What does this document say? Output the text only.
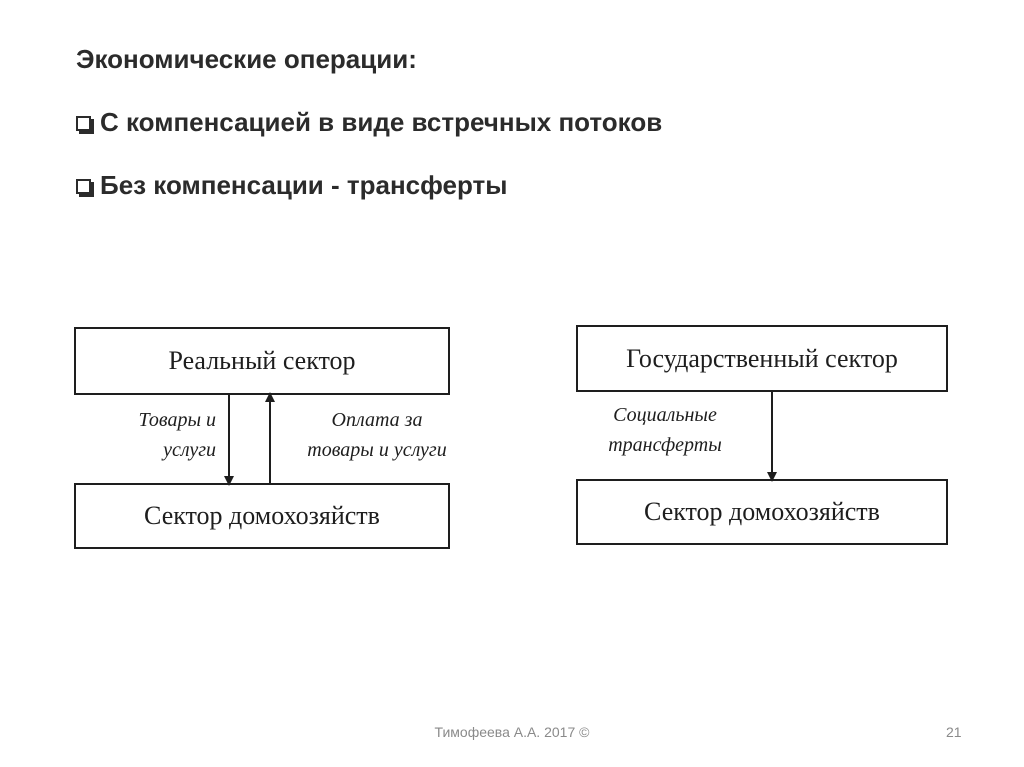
Экономические операции:
С компенсацией в виде встречных потоков
Без компенсации - трансферты
Реальный сектор
Сектор домохозяйств
Товары и
услуги
Оплата за
товары и услуги
Государственный сектор
Сектор домохозяйств
Социальные
трансферты
Тимофеева А.А. 2017 ©	21
